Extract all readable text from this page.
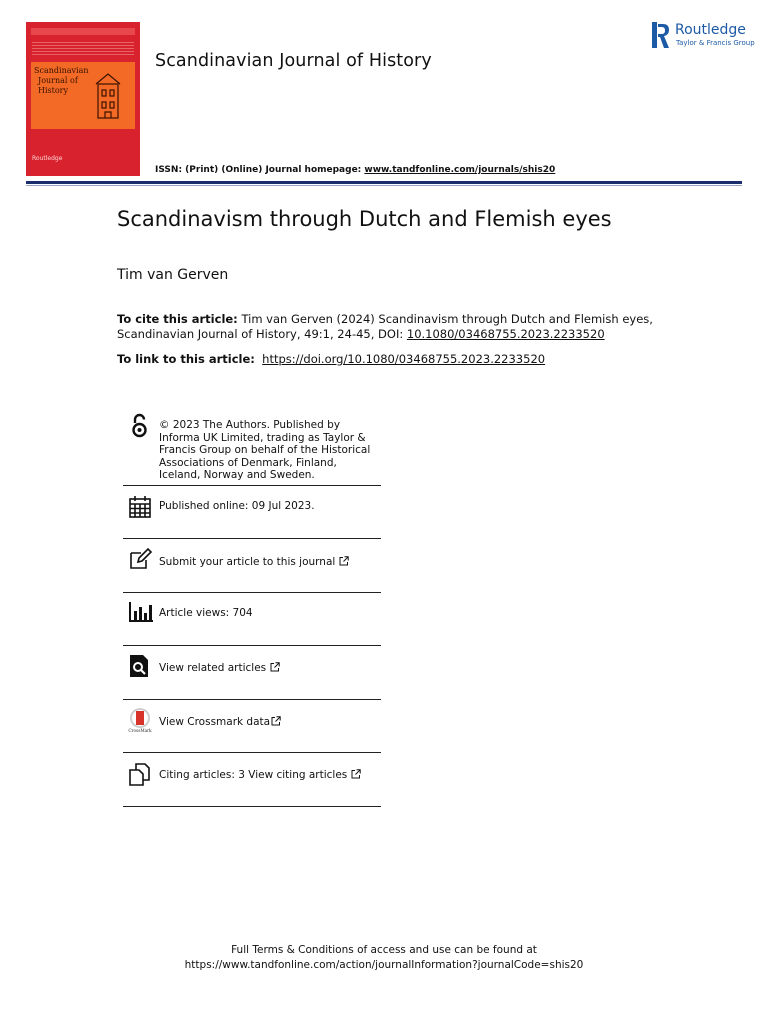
Scandinavian
Journal of
History
Routledge
Scandinavian Journal of History
ISSN: (Print) (Online) Journal homepage: www.tandfonline.com/journals/shis20
Routledge
Taylor & Francis Group
Scandinavism through Dutch and Flemish eyes
Tim van Gerven
To cite this article: Tim van Gerven (2024) Scandinavism through Dutch and Flemish eyes, Scandinavian Journal of History, 49:1, 24-45, DOI: 10.1080/03468755.2023.2233520
To link to this article: https://doi.org/10.1080/03468755.2023.2233520
© 2023 The Authors. Published by Informa UK Limited, trading as Taylor & Francis Group on behalf of the Historical Associations of Denmark, Finland, Iceland, Norway and Sweden.
Published online: 09 Jul 2023.
Submit your article to this journal
Article views: 704
View related articles
CrossMark
View Crossmark data
Citing articles: 3 View citing articles
Full Terms & Conditions of access and use can be found at
https://www.tandfonline.com/action/journalInformation?journalCode=shis20
